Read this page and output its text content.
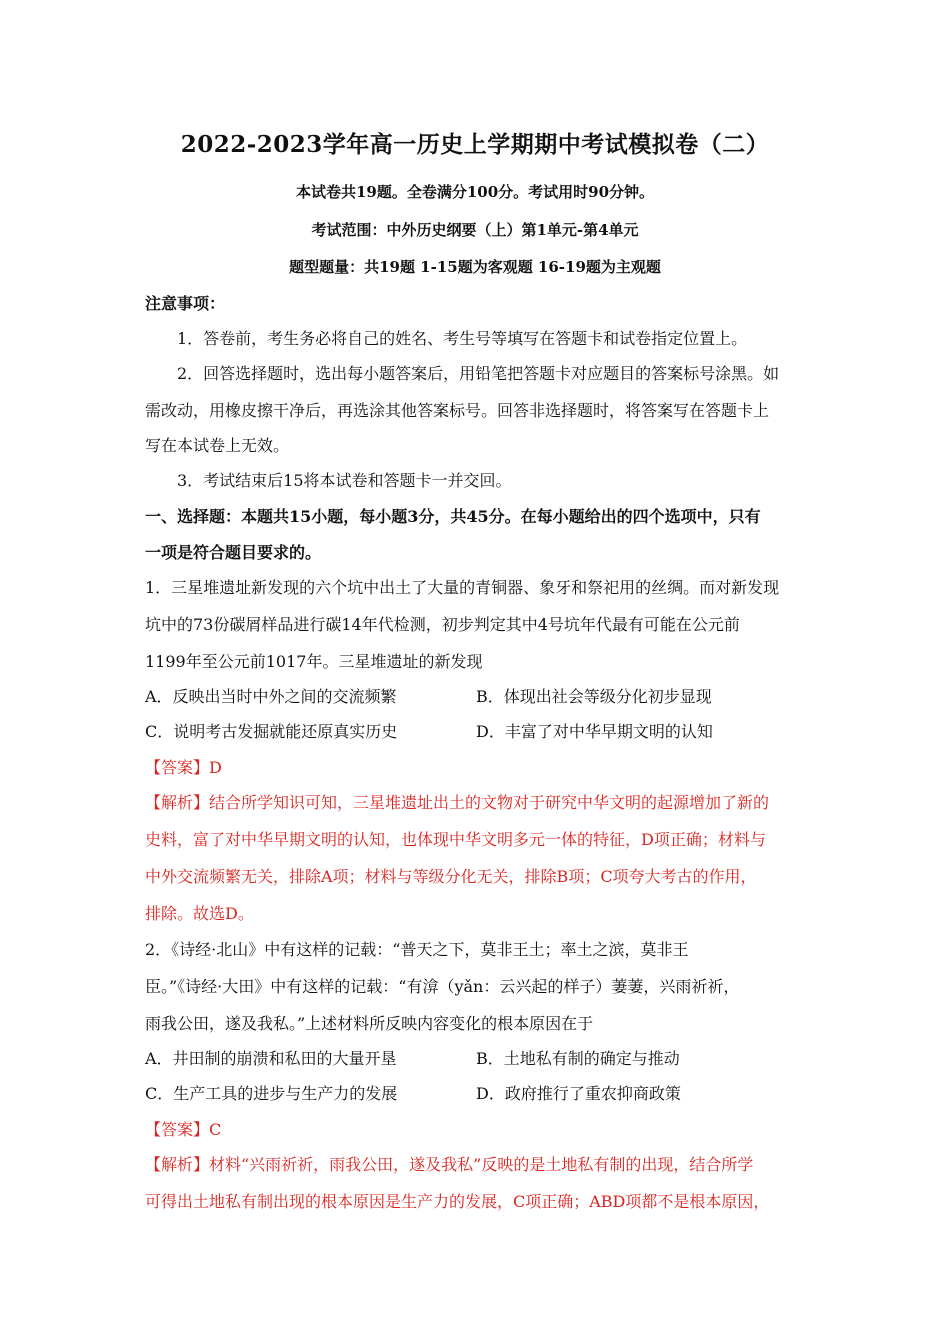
2022-2023学年高一历史上学期期中考试模拟卷（二）
本试卷共19题。全卷满分100分。考试用时90分钟。
考试范围：中外历史纲要（上）第1单元-第4单元
题型题量：共19题 1-15题为客观题 16-19题为主观题
注意事项：
1．答卷前，考生务必将自己的姓名、考生号等填写在答题卡和试卷指定位置上。
2．回答选择题时，选出每小题答案后，用铅笔把答题卡对应题目的答案标号涂黑。如
需改动，用橡皮擦干净后，再选涂其他答案标号。回答非选择题时，将答案写在答题卡上
写在本试卷上无效。
3．考试结束后15将本试卷和答题卡一并交回。
一、选择题：本题共15小题，每小题3分，共45分。在每小题给出的四个选项中，只有
一项是符合题目要求的。
1．三星堆遗址新发现的六个坑中出土了大量的青铜器、象牙和祭祀用的丝绸。而对新发现
坑中的73份碳屑样品进行碳14年代检测，初步判定其中4号坑年代最有可能在公元前
1199年至公元前1017年。三星堆遗址的新发现
A．反映出当时中外之间的交流频繁	B．体现出社会等级分化初步显现
C．说明考古发掘就能还原真实历史	D．丰富了对中华早期文明的认知
【答案】D
【解析】结合所学知识可知，三星堆遗址出土的文物对于研究中华文明的起源增加了新的
史料，富了对中华早期文明的认知，也体现中华文明多元一体的特征，D项正确；材料与
中外交流频繁无关，排除A项；材料与等级分化无关，排除B项；C项夸大考古的作用，
排除。故选D。
2．《诗经·北山》中有这样的记载：“普天之下，莫非王土；率土之滨，莫非王
臣。”《诗经·大田》中有这样的记载：“有渰（yǎn：云兴起的样子）萋萋，兴雨祈祈，
雨我公田，遂及我私。”上述材料所反映内容变化的根本原因在于
A．井田制的崩溃和私田的大量开垦	B．土地私有制的确定与推动
C．生产工具的进步与生产力的发展	D．政府推行了重农抑商政策
【答案】C
【解析】材料“兴雨祈祈，雨我公田，遂及我私”反映的是土地私有制的出现，结合所学
可得出土地私有制出现的根本原因是生产力的发展，C项正确；ABD项都不是根本原因，
